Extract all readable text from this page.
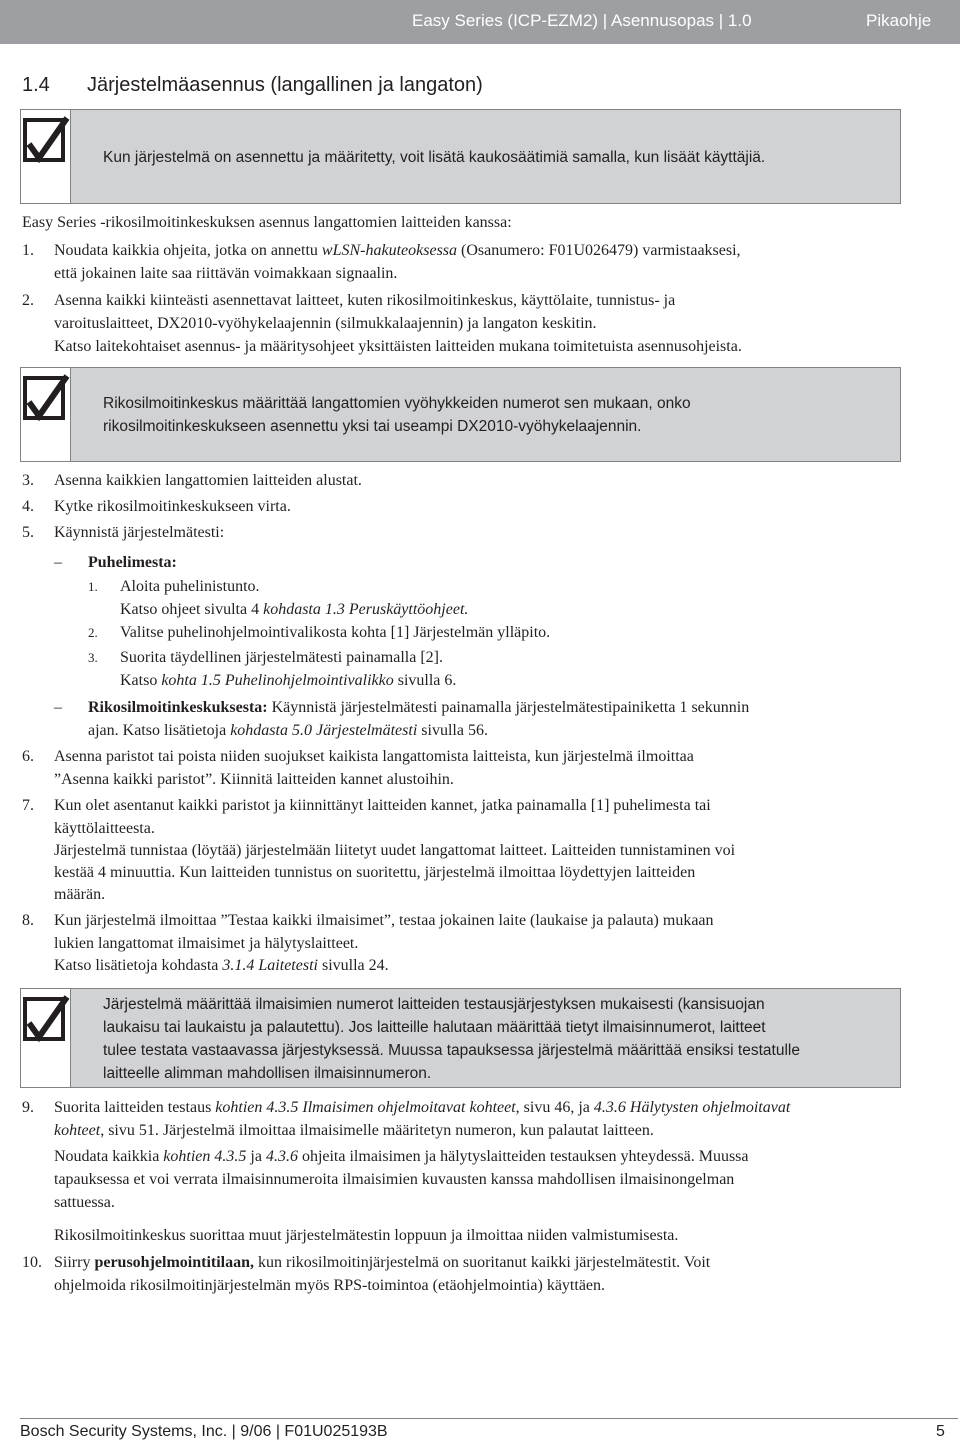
Easy Series (ICP-EZM2) | Asennusopas | 1.0	Pikaohje
1.4 Järjestelmäasennus (langallinen ja langaton)
Kun järjestelmä on asennettu ja määritetty, voit lisätä kaukosäätimiä samalla, kun lisäät käyttäjiä.
Easy Series -rikosilmoitinkeskuksen asennus langattomien laitteiden kanssa:
1. Noudata kaikkia ohjeita, jotka on annettu wLSN-hakuteoksessa (Osanumero: F01U026479) varmistaaksesi,
että jokainen laite saa riittävän voimakkaan signaalin.
2. Asenna kaikki kiinteästi asennettavat laitteet, kuten rikosilmoitinkeskus, käyttölaite, tunnistus- ja
varoituslaitteet, DX2010-vyöhykelaajennin (silmukkalaajennin) ja langaton keskitin.
Katso laitekohtaiset asennus- ja määritysohjeet yksittäisten laitteiden mukana toimitetuista asennusohjeista.
Rikosilmoitinkeskus määrittää langattomien vyöhykkeiden numerot sen mukaan, onko
rikosilmoitinkeskukseen asennettu yksi tai useampi DX2010-vyöhykelaajennin.
3. Asenna kaikkien langattomien laitteiden alustat.
4. Kytke rikosilmoitinkeskukseen virta.
5. Käynnistä järjestelmätesti:
– Puhelimesta:
1. Aloita puhelinistunto.
Katso ohjeet sivulta 4 kohdasta 1.3 Peruskäyttöohjeet.
2. Valitse puhelinohjelmointivalikosta kohta [1] Järjestelmän ylläpito.
3. Suorita täydellinen järjestelmätesti painamalla [2].
Katso kohta 1.5 Puhelinohjelmointivalikko sivulla 6.
– Rikosilmoitinkeskuksesta: Käynnistä järjestelmätesti painamalla järjestelmätestipainiketta 1 sekunnin
ajan. Katso lisätietoja kohdasta 5.0 Järjestelmätesti sivulla 56.
6. Asenna paristot tai poista niiden suojukset kaikista langattomista laitteista, kun järjestelmä ilmoittaa
”Asenna kaikki paristot”. Kiinnitä laitteiden kannet alustoihin.
7. Kun olet asentanut kaikki paristot ja kiinnittänyt laitteiden kannet, jatka painamalla [1] puhelimesta tai
käyttölaitteesta.
Järjestelmä tunnistaa (löytää) järjestelmään liitetyt uudet langattomat laitteet. Laitteiden tunnistaminen voi
kestää 4 minuuttia. Kun laitteiden tunnistus on suoritettu, järjestelmä ilmoittaa löydettyjen laitteiden
määrän.
8. Kun järjestelmä ilmoittaa ”Testaa kaikki ilmaisimet”, testaa jokainen laite (laukaise ja palauta) mukaan
lukien langattomat ilmaisimet ja hälytyslaitteet.
Katso lisätietoja kohdasta 3.1.4 Laitetesti sivulla 24.
Järjestelmä määrittää ilmaisimien numerot laitteiden testausjärjestyksen mukaisesti (kansisuojan
laukaisu tai laukaistu ja palautettu). Jos laitteille halutaan määrittää tietyt ilmaisinnumerot, laitteet
tulee testata vastaavassa järjestyksessä. Muussa tapauksessa järjestelmä määrittää ensiksi testatulle
laitteelle alimman mahdollisen ilmaisinnumeron.
9. Suorita laitteiden testaus kohtien 4.3.5 Ilmaisimen ohjelmoitavat kohteet, sivu 46, ja 4.3.6 Hälytysten ohjelmoitavat
kohteet, sivu 51. Järjestelmä ilmoittaa ilmaisimelle määritetyn numeron, kun palautat laitteen.
Noudata kaikkia kohtien 4.3.5 ja 4.3.6 ohjeita ilmaisimen ja hälytyslaitteiden testauksen yhteydessä. Muussa
tapauksessa et voi verrata ilmaisinnumeroita ilmaisimien kuvausten kanssa mahdollisen ilmaisinongelman
sattuessa.
Rikosilmoitinkeskus suorittaa muut järjestelmätestin loppuun ja ilmoittaa niiden valmistumisesta.
10. Siirry perusohjelmointitilaan, kun rikosilmoitinjärjestelmä on suoritanut kaikki järjestelmätestit. Voit
ohjelmoida rikosilmoitinjärjestelmän myös RPS-toimintoa (etäohjelmointia) käyttäen.
Bosch Security Systems, Inc. | 9/06 | F01U025193B	5
